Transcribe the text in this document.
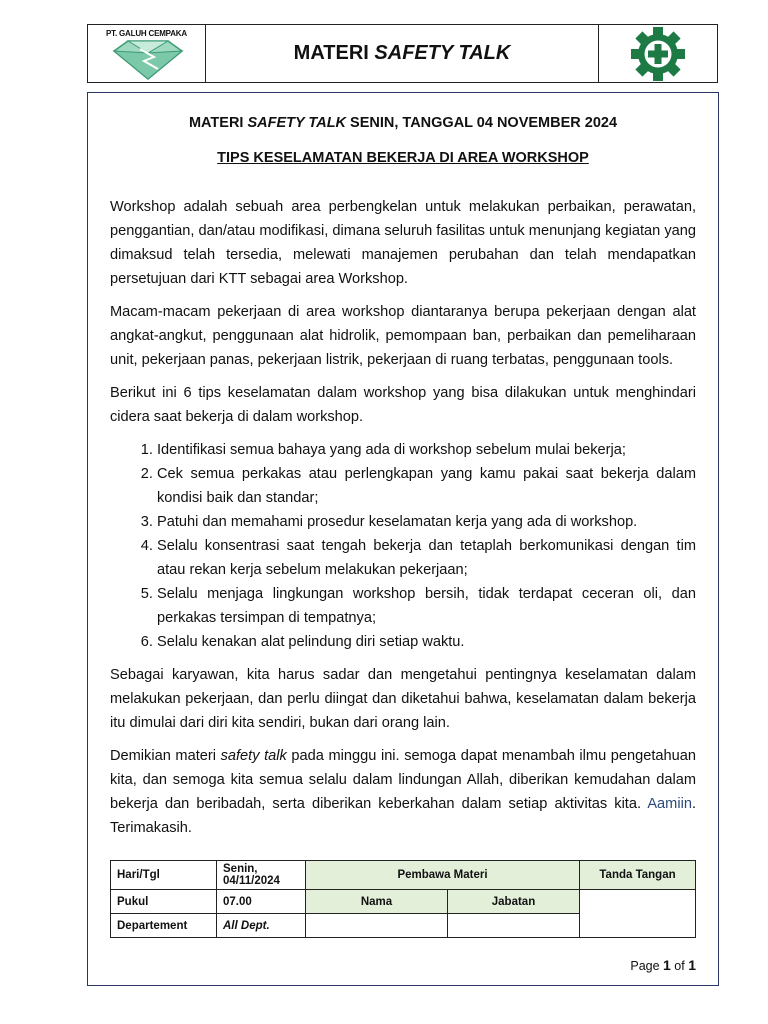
PT. GALUH CEMPAKA
MATERI
SAFETY TALK
MATERI SAFETY TALK SENIN, TANGGAL 04 NOVEMBER 2024
TIPS KESELAMATAN BEKERJA DI AREA WORKSHOP

Workshop adalah sebuah area perbengkelan untuk melakukan perbaikan, perawatan, penggantian, dan/atau modifikasi, dimana seluruh fasilitas untuk menunjang kegiatan yang dimaksud telah tersedia, melewati manajemen perubahan dan telah mendapatkan persetujuan dari KTT sebagai area Workshop.

Macam-macam pekerjaan di area workshop diantaranya berupa pekerjaan dengan alat angkat-angkut, penggunaan alat hidrolik, pemompaan ban, perbaikan dan pemeliharaan unit, pekerjaan panas, pekerjaan listrik, pekerjaan di ruang terbatas, penggunaan tools.

Berikut ini 6 tips keselamatan dalam workshop yang bisa dilakukan untuk menghindari cidera saat bekerja di dalam workshop.

1. Identifikasi semua bahaya yang ada di workshop sebelum mulai bekerja;
2. Cek semua perkakas atau perlengkapan yang kamu pakai saat bekerja dalam kondisi baik dan standar;
3. Patuhi dan memahami prosedur keselamatan kerja yang ada di workshop.
4. Selalu konsentrasi saat tengah bekerja dan tetaplah berkomunikasi dengan tim atau rekan kerja sebelum melakukan pekerjaan;
5. Selalu menjaga lingkungan workshop bersih, tidak terdapat ceceran oli, dan perkakas tersimpan di tempatnya;
6. Selalu kenakan alat pelindung diri setiap waktu.

Sebagai karyawan, kita harus sadar dan mengetahui pentingnya keselamatan dalam melakukan pekerjaan, dan perlu diingat dan diketahui bahwa, keselamatan dalam bekerja itu dimulai dari diri kita sendiri, bukan dari orang lain.

Demikian materi safety talk pada minggu ini. semoga dapat menambah ilmu pengetahuan kita, dan semoga kita semua selalu dalam lindungan Allah, diberikan kemudahan dalam bekerja dan beribadah, serta diberikan keberkahan dalam setiap aktivitas kita. Aamiin. Terimakasih.

Hari/Tgl	Senin, 04/11/2024	Pembawa Materi		Tanda Tangan
Pukul	07.00	Nama	Jabatan	
Departement	All Dept.			
Page 1 of 1
